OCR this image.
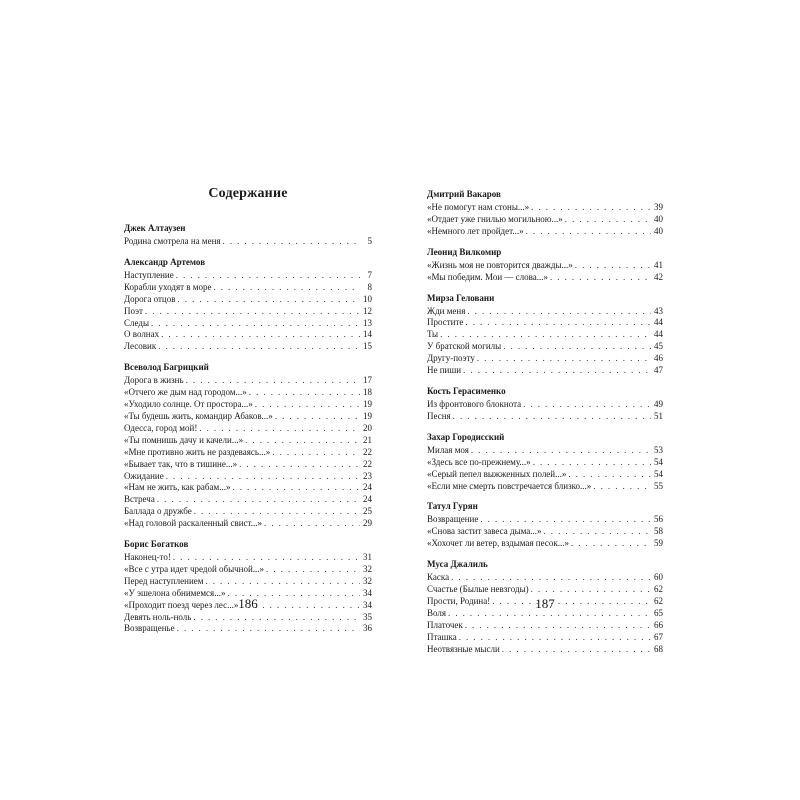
Содержание
Джек Алтаузен
Родина смотрела на меня . . .	5
Александр Артемов
Наступление . . .	7
Корабли уходят в море . . .	8
Дорога отцов . . .	10
Поэт . . .	12
Следы . . .	13
О волнах . . .	14
Лесовик . . .	15
Всеволод Багрицкий
Дорога в жизнь . . .	17
«Отчего же дым над городом...» . . .	18
«Уходило солнце. От простора...» . . .	19
«Ты будешь жить, командир Абаков...» . . .	19
Одесса, город мой! . . .	20
«Ты помнишь дачу и качели...» . . .	21
«Мне противно жить не раздеваясь...» . . .	22
«Бывает так, что в тишине...» . . .	22
Ожидание . . .	23
«Нам не жить, как рабам...» . . .	24
Встреча . . .	24
Баллада о дружбе . . .	25
«Над головой раскаленный свист...» . . .	29
Борис Богатков
Наконец-то! . . .	31
«Все с утра идет чредой обычной...» . . .	32
Перед наступлением . . .	32
«У эшелона обнимемся...» . . .	34
«Проходит поезд через лес...» . . .	34
Девять ноль-ноль . . .	35
Возвращенье . . .	36
186
Дмитрий Вакаров
«Не помогут нам стоны...» . . .	39
«Отдает уже гнилью могильною...» . . .	40
«Немного лет пройдет...» . . .	40
Леонид Вилкомир
«Жизнь моя не повторится дважды...» . . .	41
«Мы победим. Мои — слова...» . . .	42
Мирза Геловани
Жди меня . . .	43
Простите . . .	44
Ты . . .	44
У братской могилы . . .	45
Другу-поэту . . .	46
Не пиши . . .	47
Кость Герасименко
Из фронтового блокнота . . .	49
Песня . . .	51
Захар Городисский
Милая моя . . .	53
«Здесь все по-прежнему...» . . .	54
«Серый пепел выжженных полей...» . . .	54
«Если мне смерть повстречается близко...» . . .	55
Татул Гурян
Возвращение . . .	56
«Снова застит завеса дыма...» . . .	58
«Хохочет ли ветер, вздымая песок...» . . .	59
Муса Джалиль
Каска . . .	60
Счастье (Былые невзгоды) . . .	62
Прости, Родина! . . .	62
Воля . . .	65
Платочек . . .	66
Пташка . . .	67
Неотвязные мысли . . .	68
187
